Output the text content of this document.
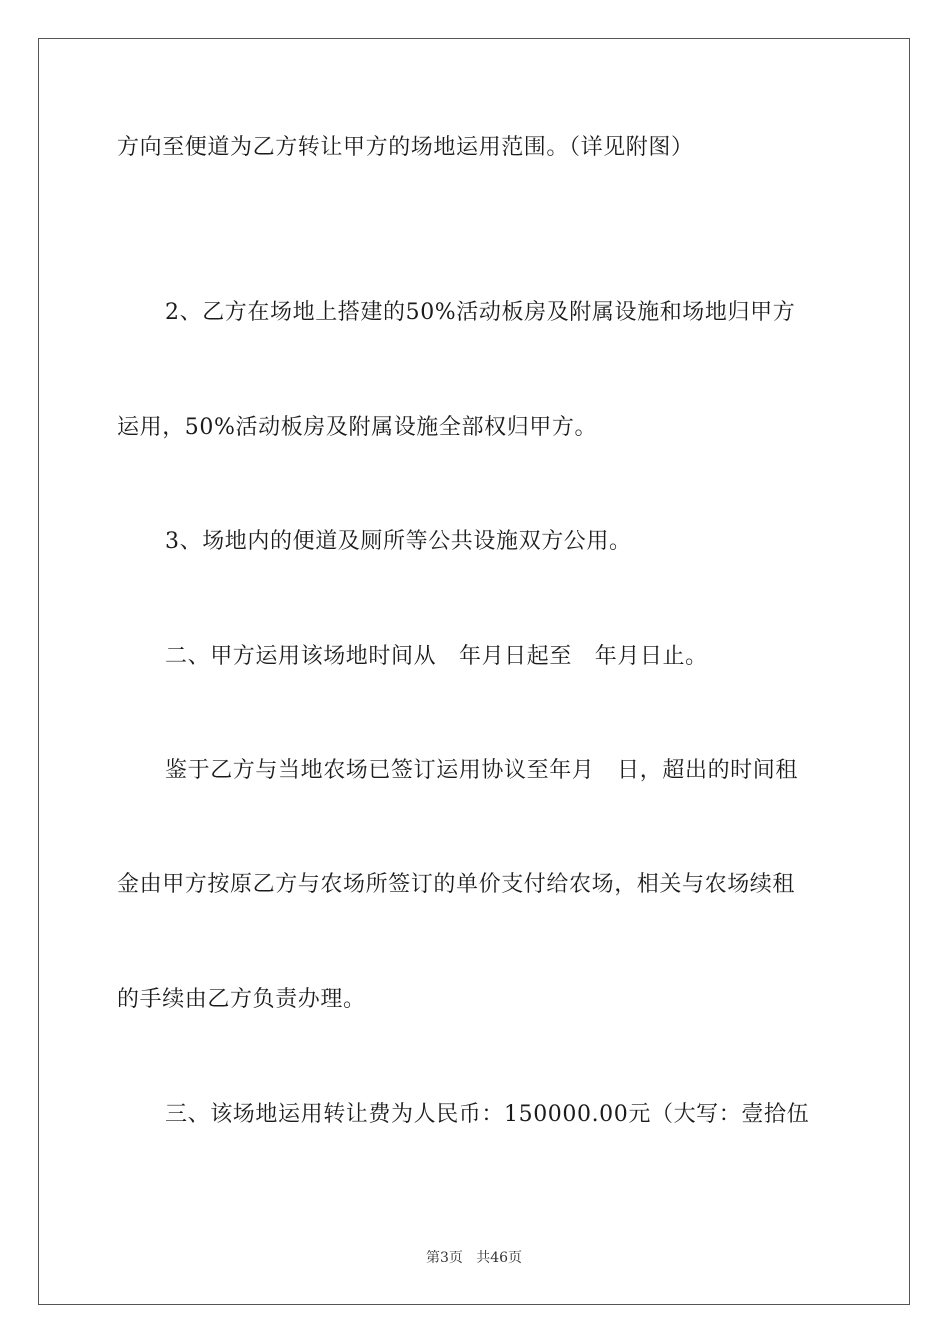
方向至便道为乙方转让甲方的场地运用范围。（详见附图）
2、乙方在场地上搭建的50%活动板房及附属设施和场地归甲方
运用，50%活动板房及附属设施全部权归甲方。
3、场地内的便道及厕所等公共设施双方公用。
二、甲方运用该场地时间从   年月日起至   年月日止。
鉴于乙方与当地农场已签订运用协议至年月   日，超出的时间租
金由甲方按原乙方与农场所签订的单价支付给农场，相关与农场续租
的手续由乙方负责办理。
三、该场地运用转让费为人民币：150000.00元（大写：壹拾伍
第3页   共46页
